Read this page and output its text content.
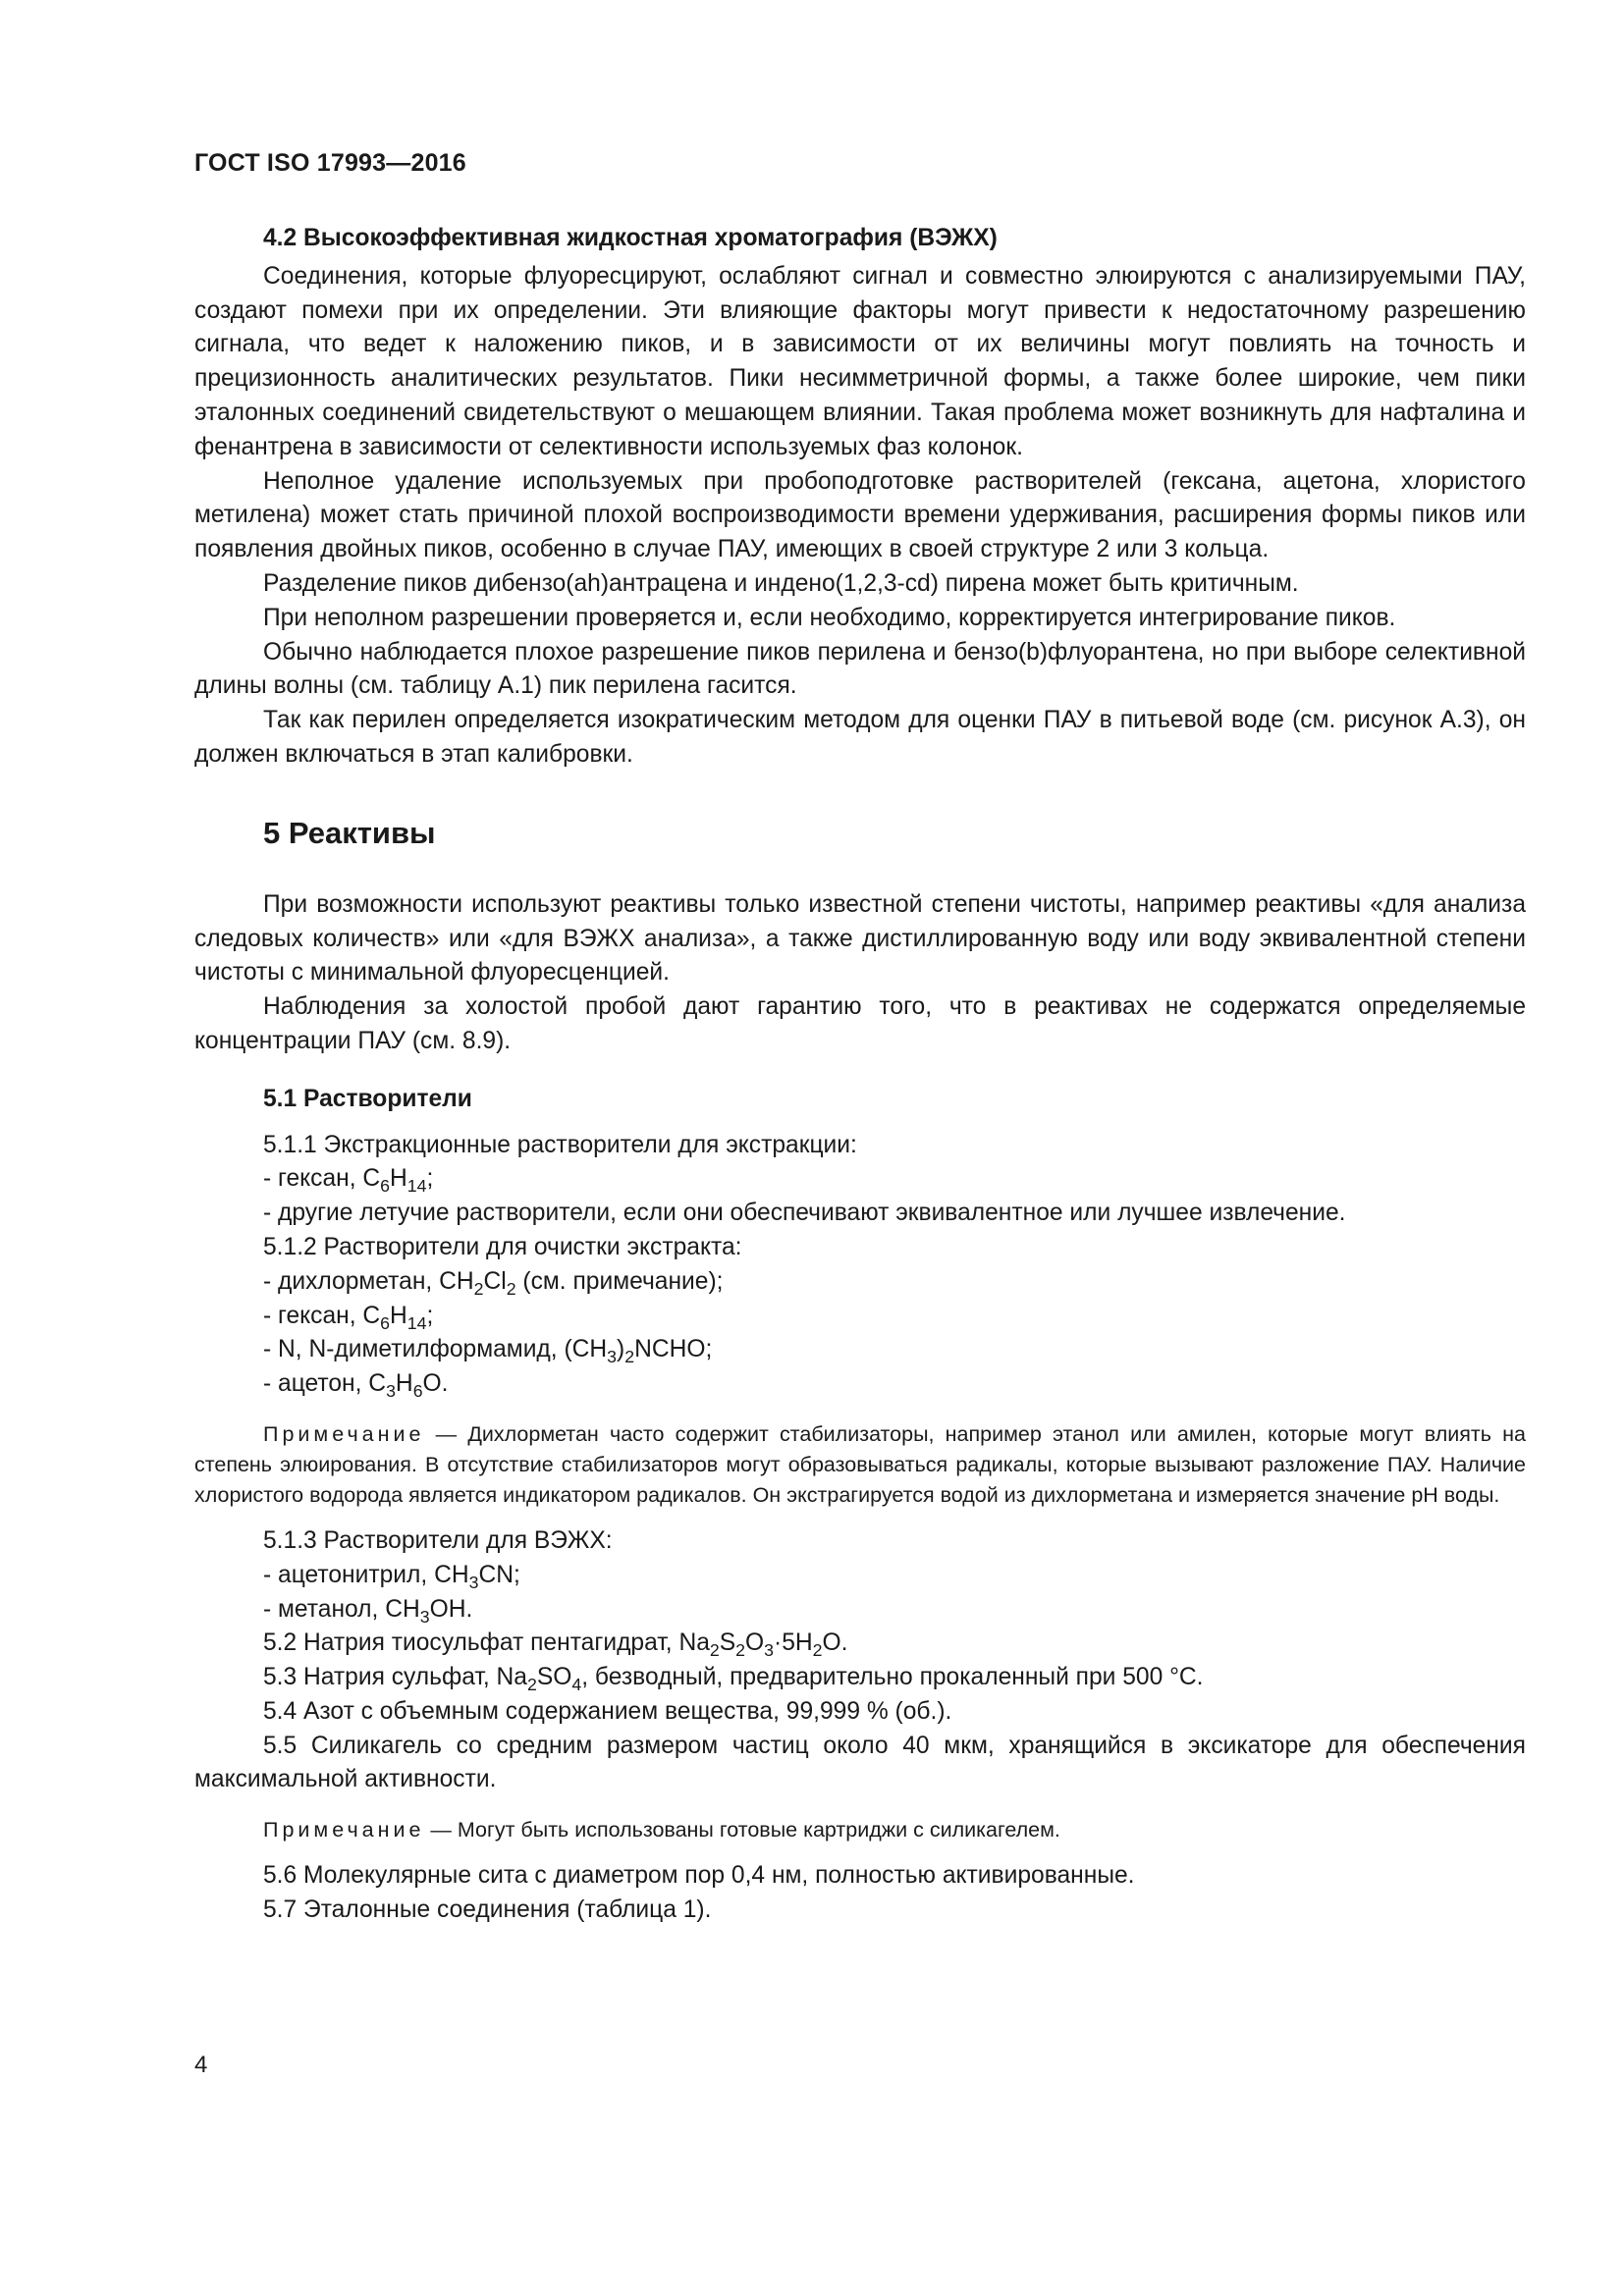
ГОСТ ISO 17993—2016
4.2 Высокоэффективная жидкостная хроматография (ВЭЖХ)

Соединения, которые флуоресцируют, ослабляют сигнал и совместно элюируются с анализируемыми ПАУ, создают помехи при их определении. Эти влияющие факторы могут привести к недостаточному разрешению сигнала, что ведет к наложению пиков, и в зависимости от их величины могут повлиять на точность и прецизионность аналитических результатов. Пики несимметричной формы, а также более широкие, чем пики эталонных соединений свидетельствуют о мешающем влиянии. Такая проблема может возникнуть для нафталина и фенантрена в зависимости от селективности используемых фаз колонок.

Неполное удаление используемых при пробоподготовке растворителей (гексана, ацетона, хлористого метилена) может стать причиной плохой воспроизводимости времени удерживания, расширения формы пиков или появления двойных пиков, особенно в случае ПАУ, имеющих в своей структуре 2 или 3 кольца.

Разделение пиков дибензо(ah)антрацена и индено(1,2,3-cd) пирена может быть критичным.

При неполном разрешении проверяется и, если необходимо, корректируется интегрирование пиков.

Обычно наблюдается плохое разрешение пиков перилена и бензо(b)флуорантена, но при выборе селективной длины волны (см. таблицу А.1) пик перилена гасится.

Так как перилен определяется изократическим методом для оценки ПАУ в питьевой воде (см. рисунок А.3), он должен включаться в этап калибровки.

5 Реактивы

При возможности используют реактивы только известной степени чистоты, например реактивы «для анализа следовых количеств» или «для ВЭЖХ анализа», а также дистиллированную воду или воду эквивалентной степени чистоты с минимальной флуоресценцией.

Наблюдения за холостой пробой дают гарантию того, что в реактивах не содержатся определяемые концентрации ПАУ (см. 8.9).

5.1 Растворители

5.1.1 Экстракционные растворители для экстракции:

- гексан, $C_6H_{14}$;

- другие летучие растворители, если они обеспечивают эквивалентное или лучшее извлечение.

5.1.2 Растворители для очистки экстракта:

- дихлорметан, $CH_2Cl_2$ (см. примечание);

- гексан, $C_6H_{14}$;

- N, N-диметилформамид, $(CH_3)_2NCHO$;

- ацетон, $C_3H_6O$.

Примечание — Дихлорметан часто содержит стабилизаторы, например этанол или амилен, которые могут влиять на степень элюирования. В отсутствие стабилизаторов могут образовываться радикалы, которые вызывают разложение ПАУ. Наличие хлористого водорода является индикатором радикалов. Он экстрагируется водой из дихлорметана и измеряется значение pH воды.

5.1.3 Растворители для ВЭЖХ:

- ацетонитрил, $CH_3CN$;

- метанол, $CH_3OH$.

5.2 Натрия тиосульфат пентагидрат, $Na_2S_2O_3\cdot 5H_2O$.

5.3 Натрия сульфат, $Na_2SO_4$, безводный, предварительно прокаленный при 500 °С.

5.4 Азот с объемным содержанием вещества, 99,999 % (об.).

5.5 Силикагель со средним размером частиц около 40 мкм, хранящийся в эксикаторе для обеспечения максимальной активности.

Примечание — Могут быть использованы готовые картриджи с силикагелем.

5.6 Молекулярные сита с диаметром пор 0,4 нм, полностью активированные.

5.7 Эталонные соединения (таблица 1).

4
